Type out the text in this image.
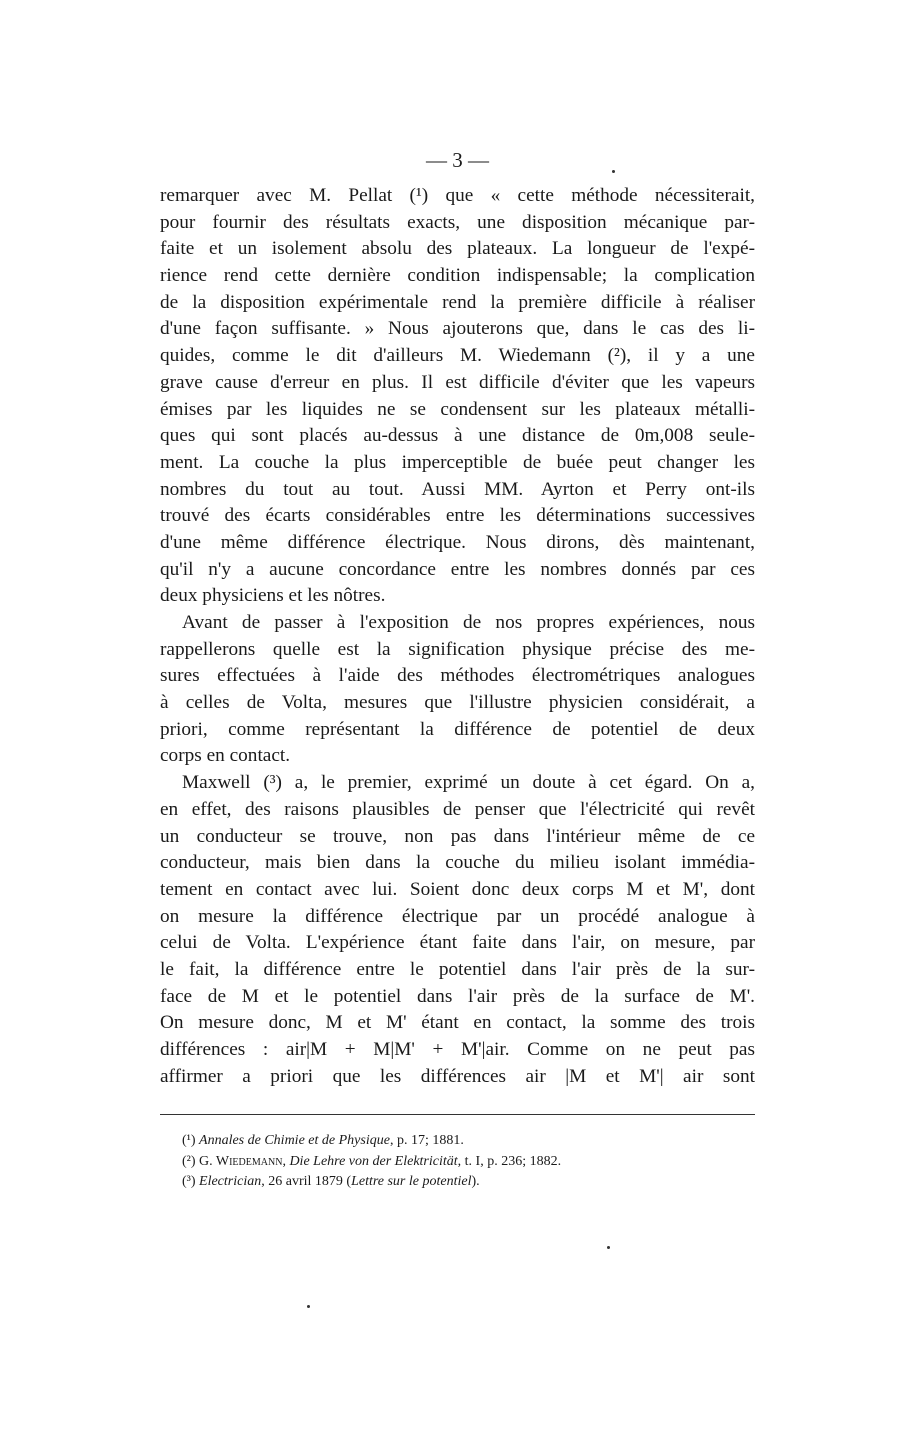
— 3 —
remarquer avec M. Pellat (¹) que « cette méthode nécessiterait,
pour fournir des résultats exacts, une disposition mécanique par-
faite et un isolement absolu des plateaux. La longueur de l'expé-
rience rend cette dernière condition indispensable; la complication
de la disposition expérimentale rend la première difficile à réaliser
d'une façon suffisante. » Nous ajouterons que, dans le cas des li-
quides, comme le dit d'ailleurs M. Wiedemann (²), il y a une
grave cause d'erreur en plus. Il est difficile d'éviter que les vapeurs
émises par les liquides ne se condensent sur les plateaux métalli-
ques qui sont placés au-dessus à une distance de 0m,008 seule-
ment. La couche la plus imperceptible de buée peut changer les
nombres du tout au tout. Aussi MM. Ayrton et Perry ont-ils
trouvé des écarts considérables entre les déterminations successives
d'une même différence électrique. Nous dirons, dès maintenant,
qu'il n'y a aucune concordance entre les nombres donnés par ces
deux physiciens et les nôtres.
Avant de passer à l'exposition de nos propres expériences, nous
rappellerons quelle est la signification physique précise des me-
sures effectuées à l'aide des méthodes électrométriques analogues
à celles de Volta, mesures que l'illustre physicien considérait, a
priori, comme représentant la différence de potentiel de deux
corps en contact.
Maxwell (³) a, le premier, exprimé un doute à cet égard. On a,
en effet, des raisons plausibles de penser que l'électricité qui revêt
un conducteur se trouve, non pas dans l'intérieur même de ce
conducteur, mais bien dans la couche du milieu isolant immédia-
tement en contact avec lui. Soient donc deux corps M et M', dont
on mesure la différence électrique par un procédé analogue à
celui de Volta. L'expérience étant faite dans l'air, on mesure, par
le fait, la différence entre le potentiel dans l'air près de la sur-
face de M et le potentiel dans l'air près de la surface de M'.
On mesure donc, M et M' étant en contact, la somme des trois
différences : air|M + M|M' + M'|air. Comme on ne peut pas
affirmer a priori que les différences air |M et M'| air sont
(¹) Annales de Chimie et de Physique, p. 17; 1881.
(²) G. Wiedemann, Die Lehre von der Elektricität, t. I, p. 236; 1882.
(³) Electrician, 26 avril 1879 (Lettre sur le potentiel).
